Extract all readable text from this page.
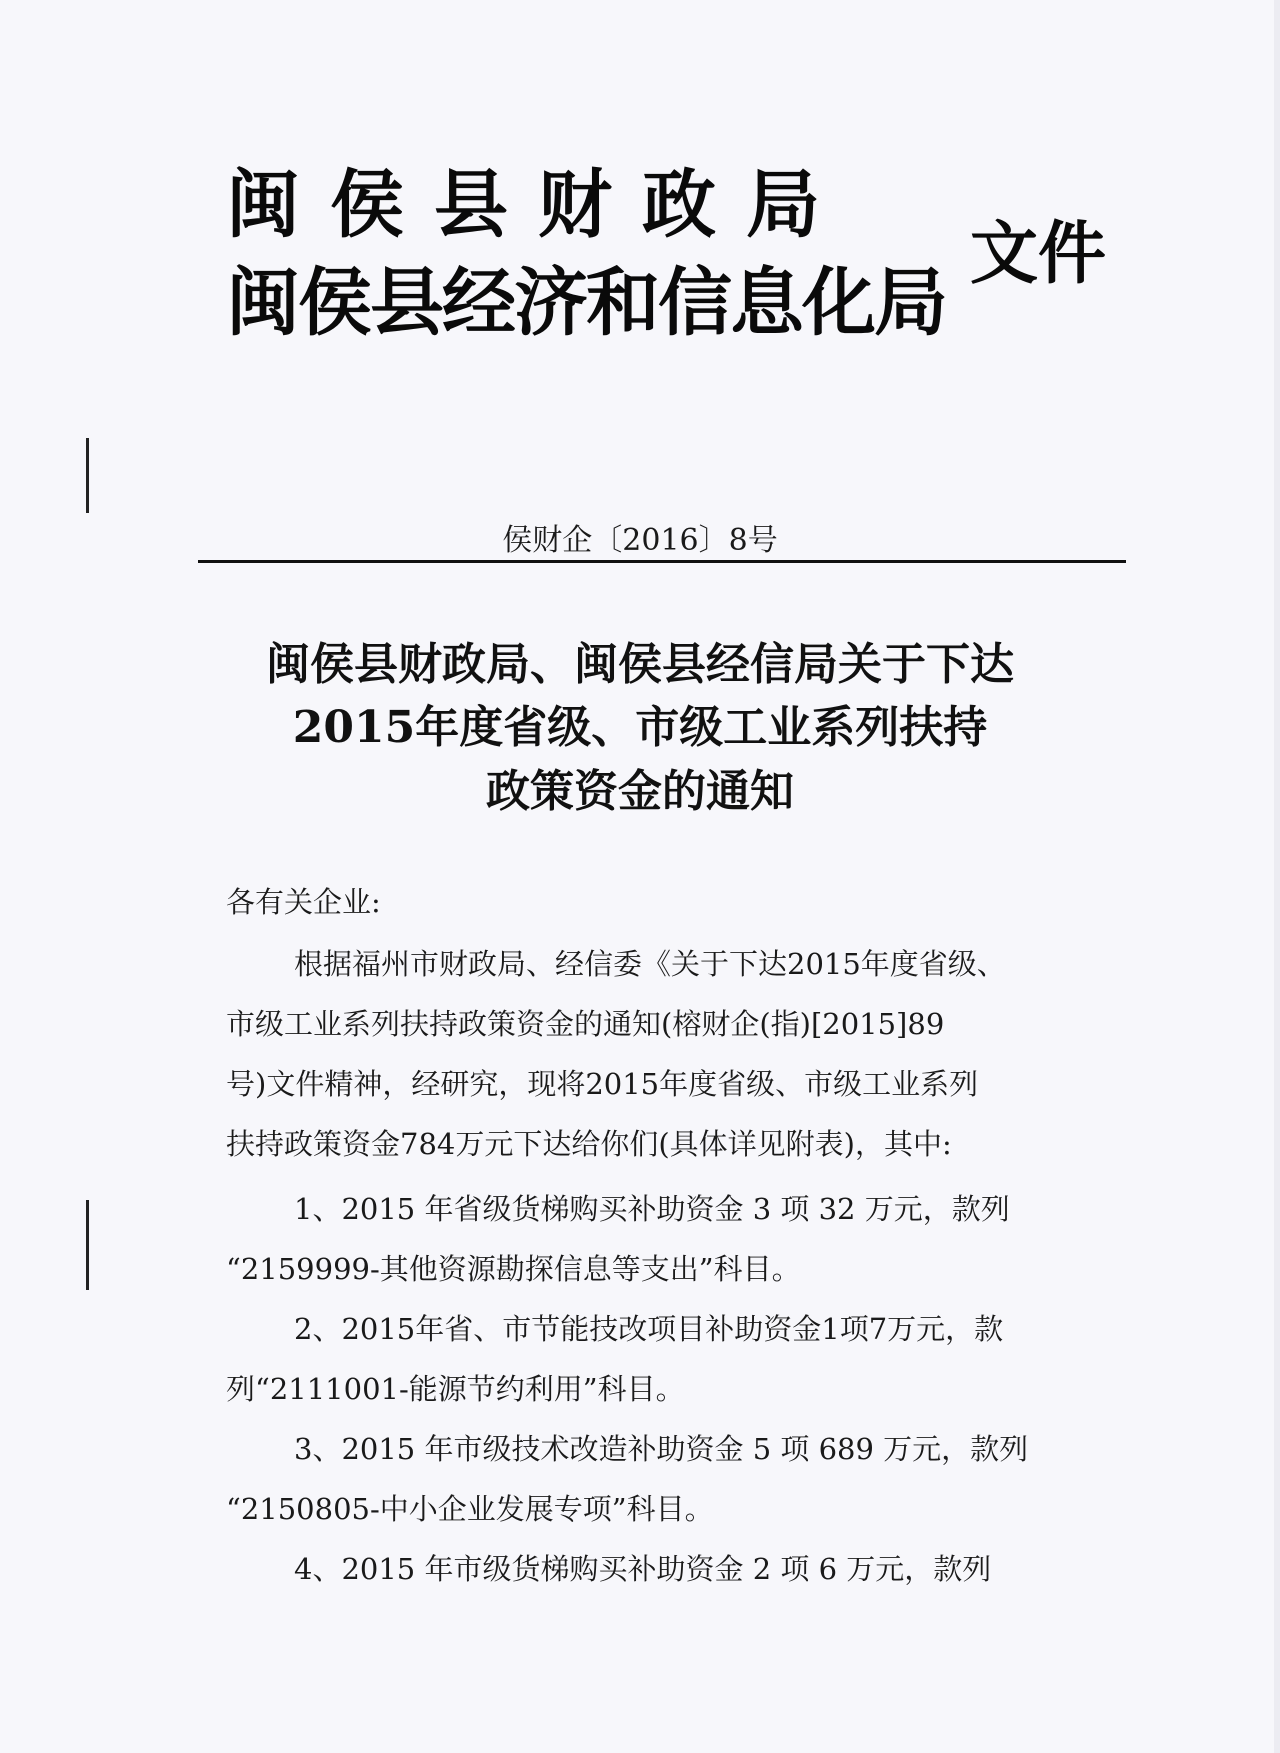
闽侯县财政局
闽侯县经济和信息化局
文件
侯财企〔2016〕8号
闽侯县财政局、闽侯县经信局关于下达
2015年度省级、市级工业系列扶持
政策资金的通知
各有关企业:
根据福州市财政局、经信委《关于下达2015年度省级、
市级工业系列扶持政策资金的通知(榕财企(指)[2015]89
号)文件精神，经研究，现将2015年度省级、市级工业系列
扶持政策资金784万元下达给你们(具体详见附表)，其中:
1、2015 年省级货梯购买补助资金 3 项 32 万元，款列
“2159999-其他资源勘探信息等支出”科目。
2、2015年省、市节能技改项目补助资金1项7万元，款
列“2111001-能源节约利用”科目。
3、2015 年市级技术改造补助资金 5 项 689 万元，款列
“2150805-中小企业发展专项”科目。
4、2015 年市级货梯购买补助资金 2 项 6 万元，款列
